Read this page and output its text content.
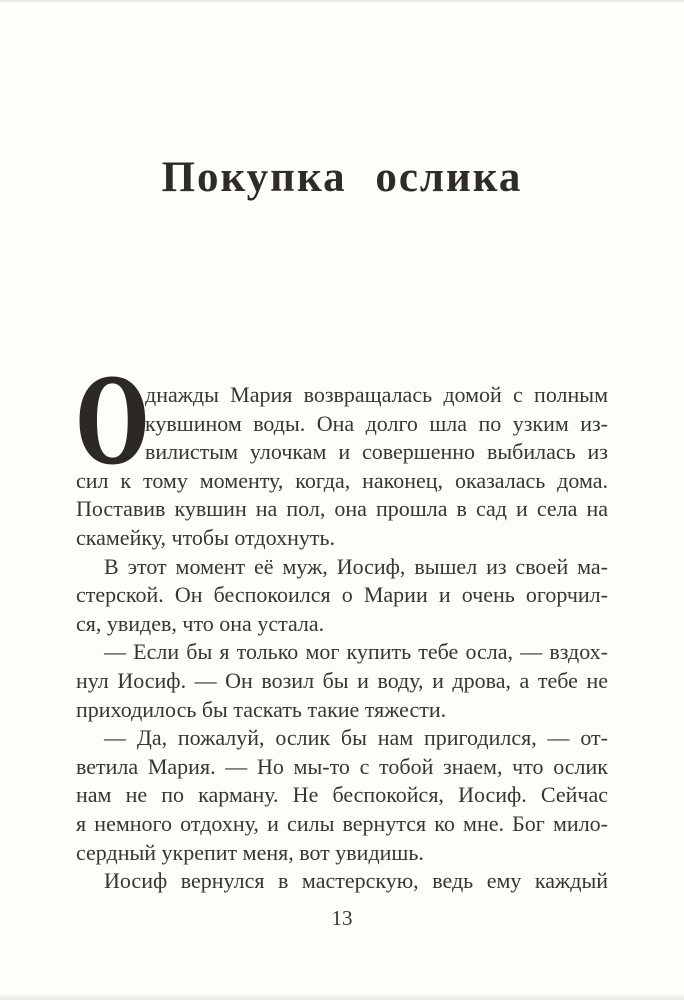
Покупка ослика
О
днажды Мария возвращалась домой с полным
кувшином воды. Она долго шла по узким из-
вилистым улочкам и совершенно выбилась из
сил к тому моменту, когда, наконец, оказалась дома.
Поставив кувшин на пол, она прошла в сад и села на
скамейку, чтобы отдохнуть.
В этот момент её муж, Иосиф, вышел из своей ма-
стерской. Он беспокоился о Марии и очень огорчил-
ся, увидев, что она устала.
— Если бы я только мог купить тебе осла, — вздох-
нул Иосиф. — Он возил бы и воду, и дрова, а тебе не
приходилось бы таскать такие тяжести.
— Да, пожалуй, ослик бы нам пригодился, — от-
ветила Мария. — Но мы-то с тобой знаем, что ослик
нам не по карману. Не беспокойся, Иосиф. Сейчас
я немного отдохну, и силы вернутся ко мне. Бог мило-
сердный укрепит меня, вот увидишь.
Иосиф вернулся в мастерскую, ведь ему каждый
13
